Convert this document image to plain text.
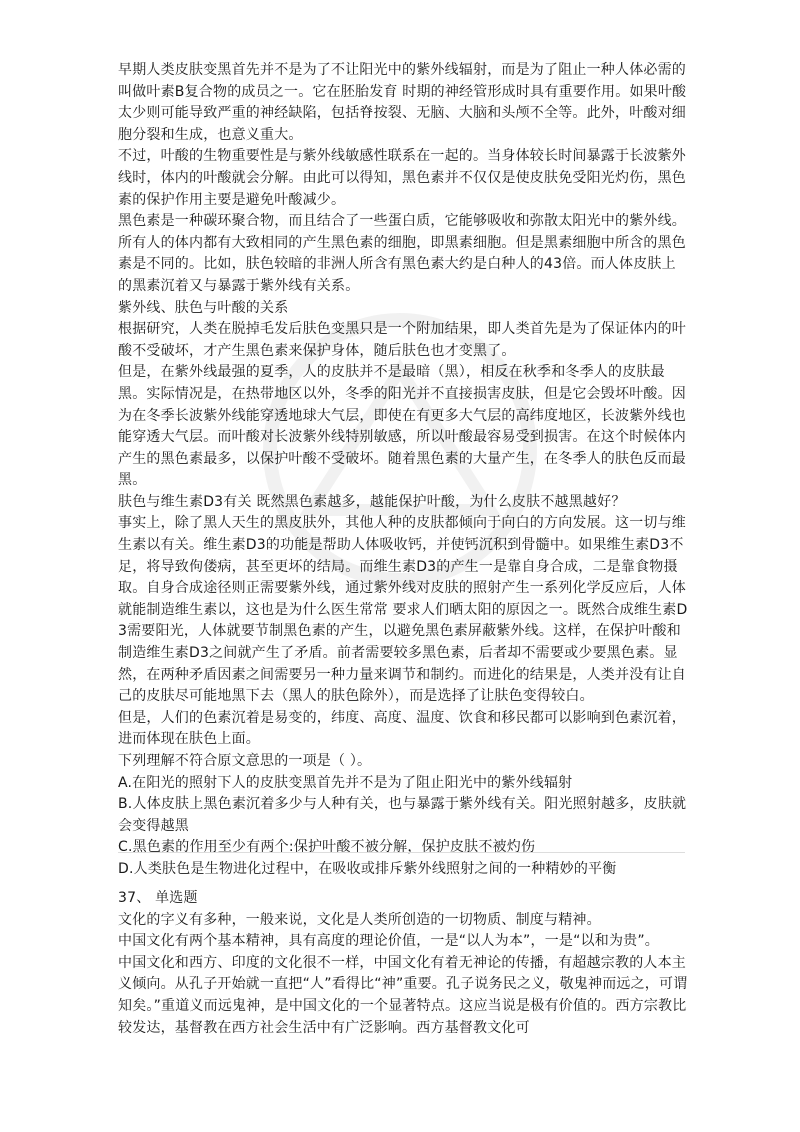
早期人类皮肤变黑首先并不是为了不让阳光中的紫外线辐射，而是为了阻止一种人体必需的叫做叶素B复合物的成员之一。它在胚胎发育 时期的神经管形成时具有重要作用。如果叶酸太少则可能导致严重的神经缺陷，包括脊按裂、无脑、大脑和头颅不全等。此外，叶酸对细胞分裂和生成，也意义重大。

不过，叶酸的生物重要性是与紫外线敏感性联系在一起的。当身体较长时间暴露于长波紫外线时，体内的叶酸就会分解。由此可以得知，黑色素并不仅仅是使皮肤免受阳光灼伤，黑色素的保护作用主要是避免叶酸减少。

黑色素是一种碳环聚合物，而且结合了一些蛋白质，它能够吸收和弥散太阳光中的紫外线。所有人的体内都有大致相同的产生黑色素的细胞，即黑素细胞。但是黑素细胞中所含的黑色素是不同的。比如，肤色较暗的非洲人所含有黑色素大约是白种人的43倍。而人体皮肤上的黑素沉着又与暴露于紫外线有关系。

紫外线、肤色与叶酸的关系

根据研究，人类在脱掉毛发后肤色变黑只是一个附加结果，即人类首先是为了保证体内的叶酸不受破坏，才产生黑色素来保护身体，随后肤色也才变黑了。

但是，在紫外线最强的夏季，人的皮肤并不是最暗（黑），相反在秋季和冬季人的皮肤最黑。实际情况是，在热带地区以外，冬季的阳光并不直接损害皮肤，但是它会毁坏叶酸。因为在冬季长波紫外线能穿透地球大气层，即使在有更多大气层的高纬度地区，长波紫外线也能穿透大气层。而叶酸对长波紫外线特别敏感，所以叶酸最容易受到损害。在这个时候体内产生的黑色素最多，以保护叶酸不受破坏。随着黑色素的大量产生，在冬季人的肤色反而最黑。

肤色与维生素D3有关 既然黑色素越多，越能保护叶酸，为什么皮肤不越黑越好？

事实上，除了黑人天生的黑皮肤外，其他人种的皮肤都倾向于向白的方向发展。这一切与维生素以有关。维生素D3的功能是帮助人体吸收钙，并使钙沉积到骨髓中。如果维生素D3不足，将导致佝偻病，甚至更坏的结局。而维生素D3的产生一是靠自身合成，二是靠食物摄取。自身合成途径则正需要紫外线，通过紫外线对皮肤的照射产生一系列化学反应后，人体就能制造维生素以，这也是为什么医生常常 要求人们晒太阳的原因之一。既然合成维生素D3需要阳光，人体就要节制黑色素的产生，以避免黑色素屏蔽紫外线。这样，在保护叶酸和制造维生素D3之间就产生了矛盾。前者需要较多黑色素，后者却不需要或少要黑色素。显然，在两种矛盾因素之间需要另一种力量来调节和制约。而进化的结果是，人类并没有让自己的皮肤尽可能地黑下去（黑人的肤色除外），而是选择了让肤色变得较白。

但是，人们的色素沉着是易变的，纬度、高度、温度、饮食和移民都可以影响到色素沉着，进而体现在肤色上面。

下列理解不符合原文意思的一项是（ ）。

A.在阳光的照射下人的皮肤变黑首先并不是为了阻止阳光中的紫外线辐射

B.人体皮肤上黑色素沉着多少与人种有关，也与暴露于紫外线有关。阳光照射越多，皮肤就会变得越黑

C.黑色素的作用至少有两个:保护叶酸不被分解，保护皮肤不被灼伤

D.人类肤色是生物进化过程中，在吸收或排斥紫外线照射之间的一种精妙的平衡

37、 单选题

文化的字义有多种，一般来说，文化是人类所创造的一切物质、制度与精神。

中国文化有两个基本精神，具有高度的理论价值，一是“以人为本”，一是“以和为贵”。

中国文化和西方、印度的文化很不一样，中国文化有着无神论的传播，有超越宗教的人本主义倾向。从孔子开始就一直把“人”看得比“神”重要。孔子说务民之义，敬鬼神而远之，可谓知矣。”重道义而远鬼神，是中国文化的一个显著特点。这应当说是极有价值的。西方宗教比较发达，基督教在西方社会生活中有广泛影响。西方基督教文化可
